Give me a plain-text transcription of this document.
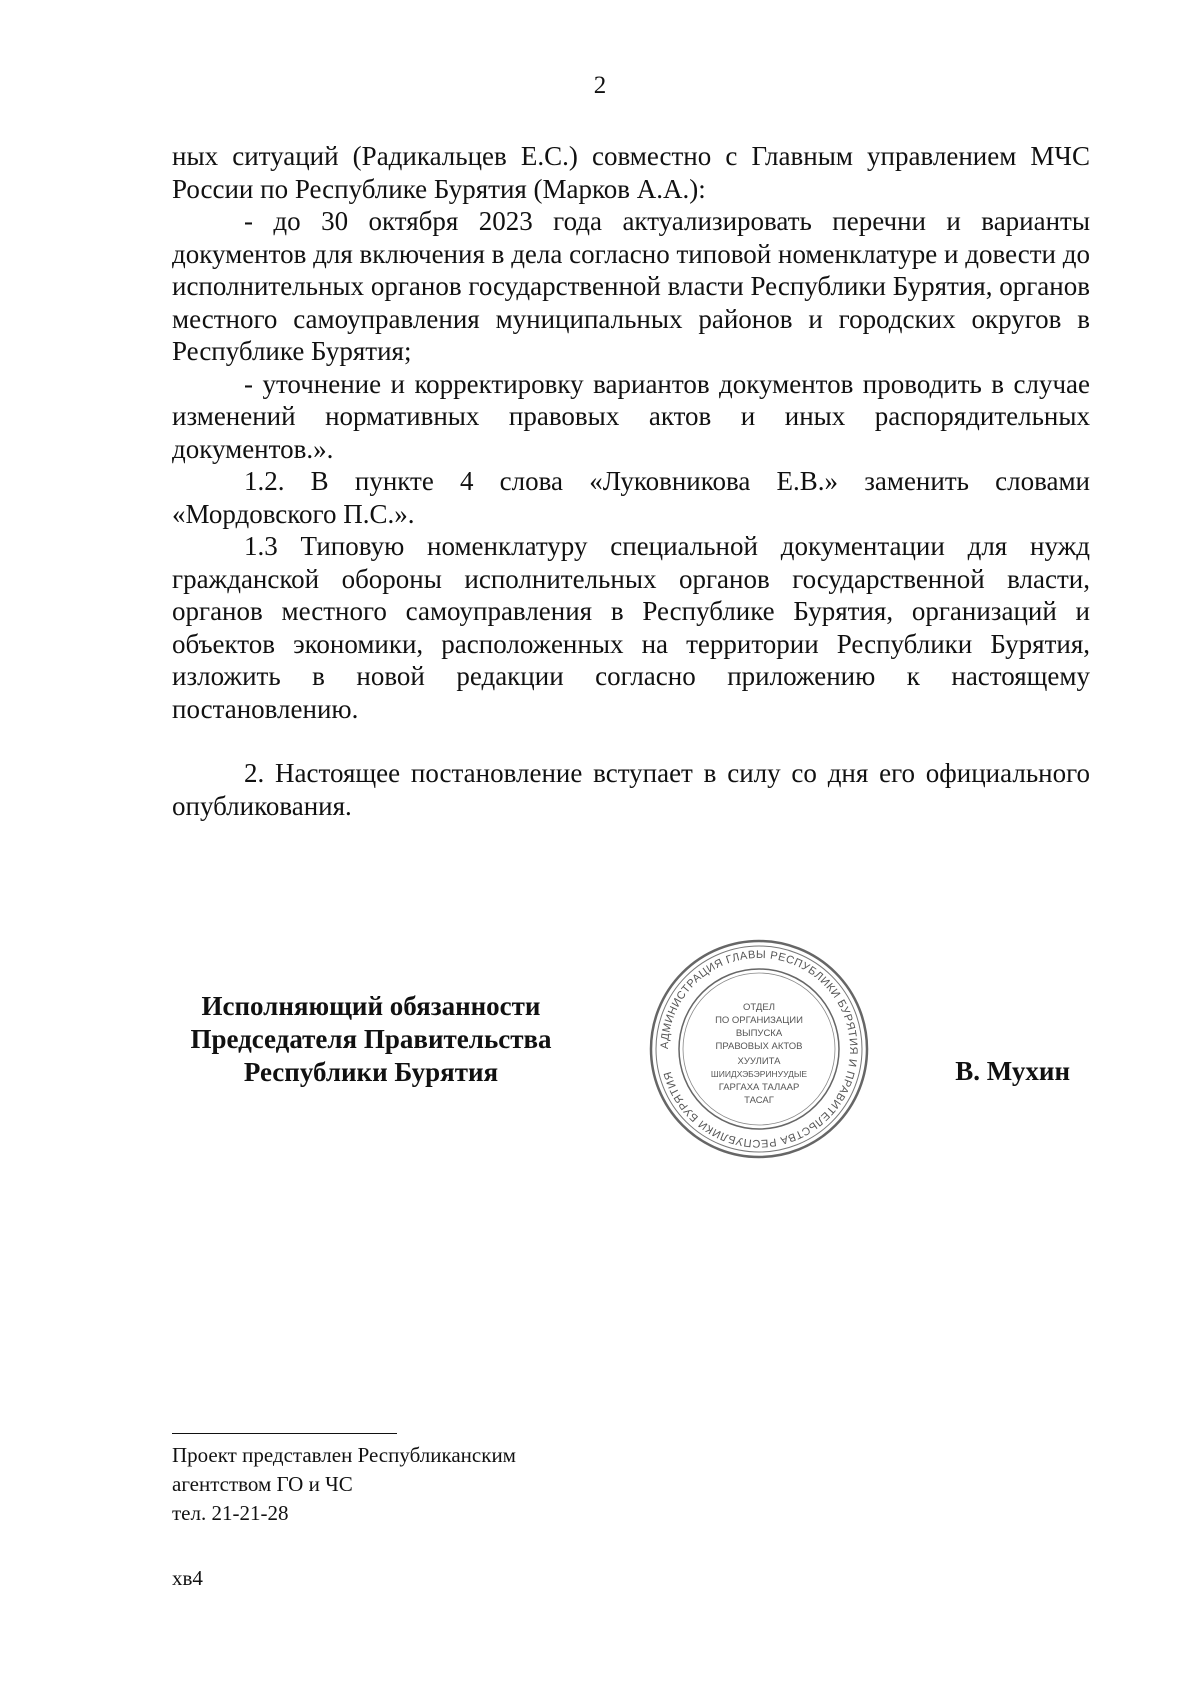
2

ных ситуаций (Радикальцев Е.С.) совместно с Главным управлением МЧС России по Республике Бурятия (Марков А.А.):

- до 30 октября 2023 года актуализировать перечни и варианты документов для включения в дела согласно типовой номенклатуре и довести до исполнительных органов государственной власти Республики Бурятия, органов местного самоуправления муниципальных районов и городских округов в Республике Бурятия;

- уточнение и корректировку вариантов документов проводить в случае изменений нормативных правовых актов и иных распорядительных документов.».

1.2. В пункте 4 слова «Луковникова Е.В.» заменить словами «Мордовского П.С.».

1.3 Типовую номенклатуру специальной документации для нужд гражданской обороны исполнительных органов государственной власти, органов местного самоуправления в Республике Бурятия, организаций и объектов экономики, расположенных на территории Республики Бурятия, изложить в новой редакции согласно приложению к настоящему постановлению.

2. Настоящее постановление вступает в силу со дня его официального опубликования.

Исполняющий обязанности
Председателя Правительства
Республики Бурятия
АДМИНИСТРАЦИЯ ГЛАВЫ РЕСПУБЛИКИ БУРЯТИЯ И ПРАВИТЕЛЬСТВА РЕСПУБЛИКИ БУРЯТИЯ
ОТДЕЛ
ПО ОРГАНИЗАЦИИ
ВЫПУСКА
ПРАВОВЫХ АКТОВ
ХУУЛИТА
ШИИДХЭБЭРИНУУДЫЕ
ГАРГАХА ТАЛААР
ТАСАГ
В. Мухин
Проект представлен Республиканским
агентством ГО и ЧС
тел. 21-21-28
хв4
